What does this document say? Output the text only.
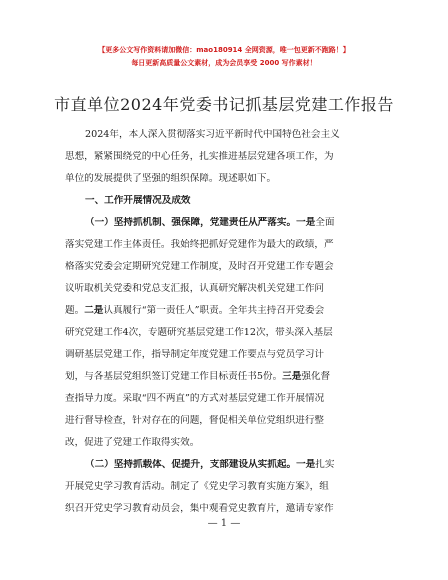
【更多公文写作资料请加微信：mao180914 全网资源，唯一包更新不跑路！】
每日更新高质量公文素材，成为会员享受 2000 写作素材！
市直单位2024年党委书记抓基层党建工作报告
2024年，本人深入贯彻落实习近平新时代中国特色社会主义
思想，紧紧围绕党的中心任务，扎实推进基层党建各项工作，为
单位的发展提供了坚强的组织保障。现述职如下。
一、工作开展情况及成效
（一）坚持抓机制、强保障，党建责任从严落实。一是全面
落实党建工作主体责任。我始终把抓好党建作为最大的政绩，严
格落实党委会定期研究党建工作制度，及时召开党建工作专题会
议听取机关党委和党总支汇报，认真研究解决机关党建工作问
题。二是认真履行“第一责任人”职责。全年共主持召开党委会
研究党建工作4次，专题研究基层党建工作12次，带头深入基层
调研基层党建工作，指导制定年度党建工作要点与党员学习计
划，与各基层党组织签订党建工作目标责任书5份。三是强化督
查指导力度。采取“四不两直”的方式对基层党建工作开展情况
进行督导检查，针对存在的问题，督促相关单位党组织进行整
改，促进了党建工作取得实效。
（二）坚持抓载体、促提升，支部建设从实抓起。一是扎实
开展党史学习教育活动。制定了《党史学习教育实施方案》，组
织召开党史学习教育动员会，集中观看党史教育片，邀请专家作
— 1 —
